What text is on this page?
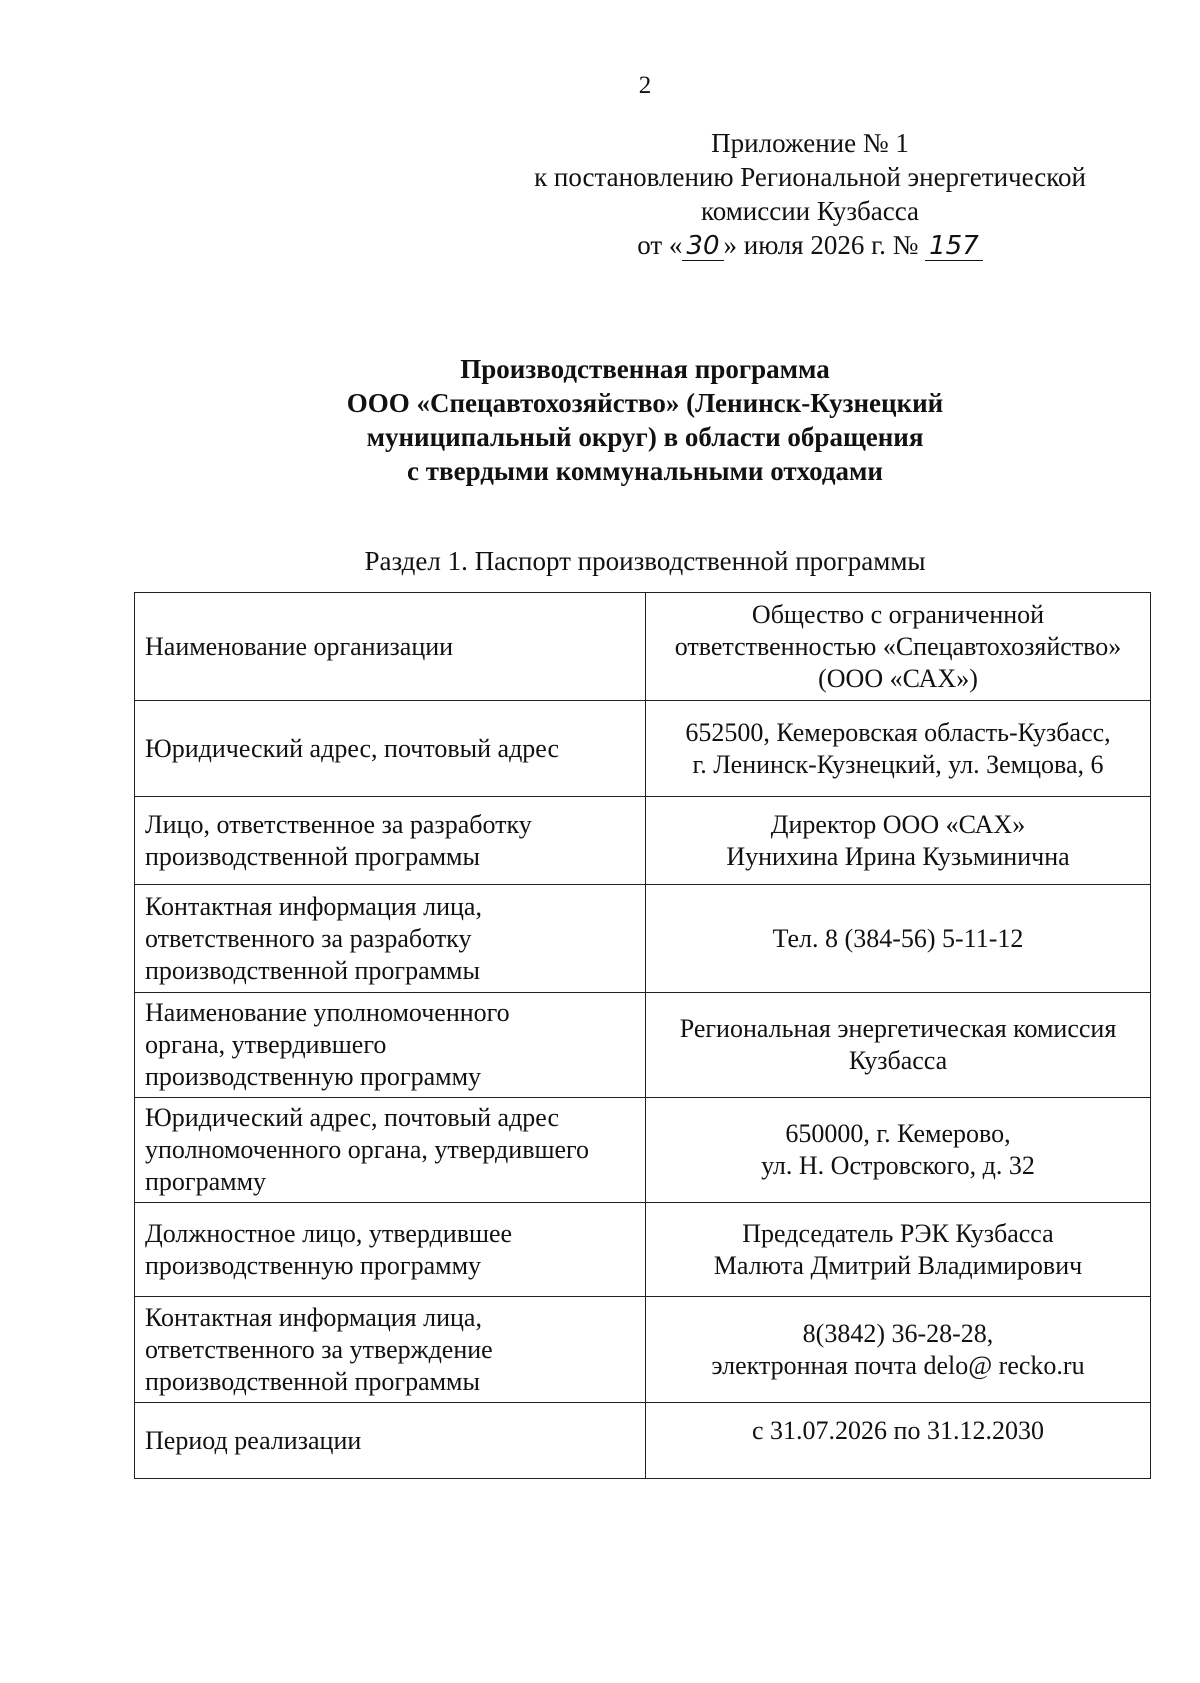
2
Приложение № 1
к постановлению Региональной энергетической
комиссии Кузбасса
от « 30 » июля 2026 г. № 157
Производственная программа
ООО «Спецавтохозяйство» (Ленинск-Кузнецкий
муниципальный округ) в области обращения
с твердыми коммунальными отходами
Раздел 1. Паспорт производственной программы
Наименование организации	Общество с ограниченной
ответственностью «Спецавтохозяйство»
(ООО «САХ»)

Юридический адрес, почтовый адрес	652500, Кемеровская область-Кузбасс,
г. Ленинск-Кузнецкий, ул. Земцова, 6

Лицо, ответственное за разработку
производственной программы	Директор ООО «САХ»
Иунихина Ирина Кузьминична

Контактная информация лица,
ответственного за разработку
производственной программы	Тел. 8 (384-56) 5-11-12

Наименование уполномоченного
органа, утвердившего
производственную программу	Региональная энергетическая комиссия
Кузбасса

Юридический адрес, почтовый адрес
уполномоченного органа, утвердившего
программу	650000, г. Кемерово,
ул. Н. Островского, д. 32

Должностное лицо, утвердившее
производственную программу	Председатель РЭК Кузбасса
Малюта Дмитрий Владимирович

Контактная информация лица,
ответственного за утверждение
производственной программы	8(3842) 36-28-28,
электронная почта delo@ recko.ru

Период реализации	с 31.07.2026 по 31.12.2030
